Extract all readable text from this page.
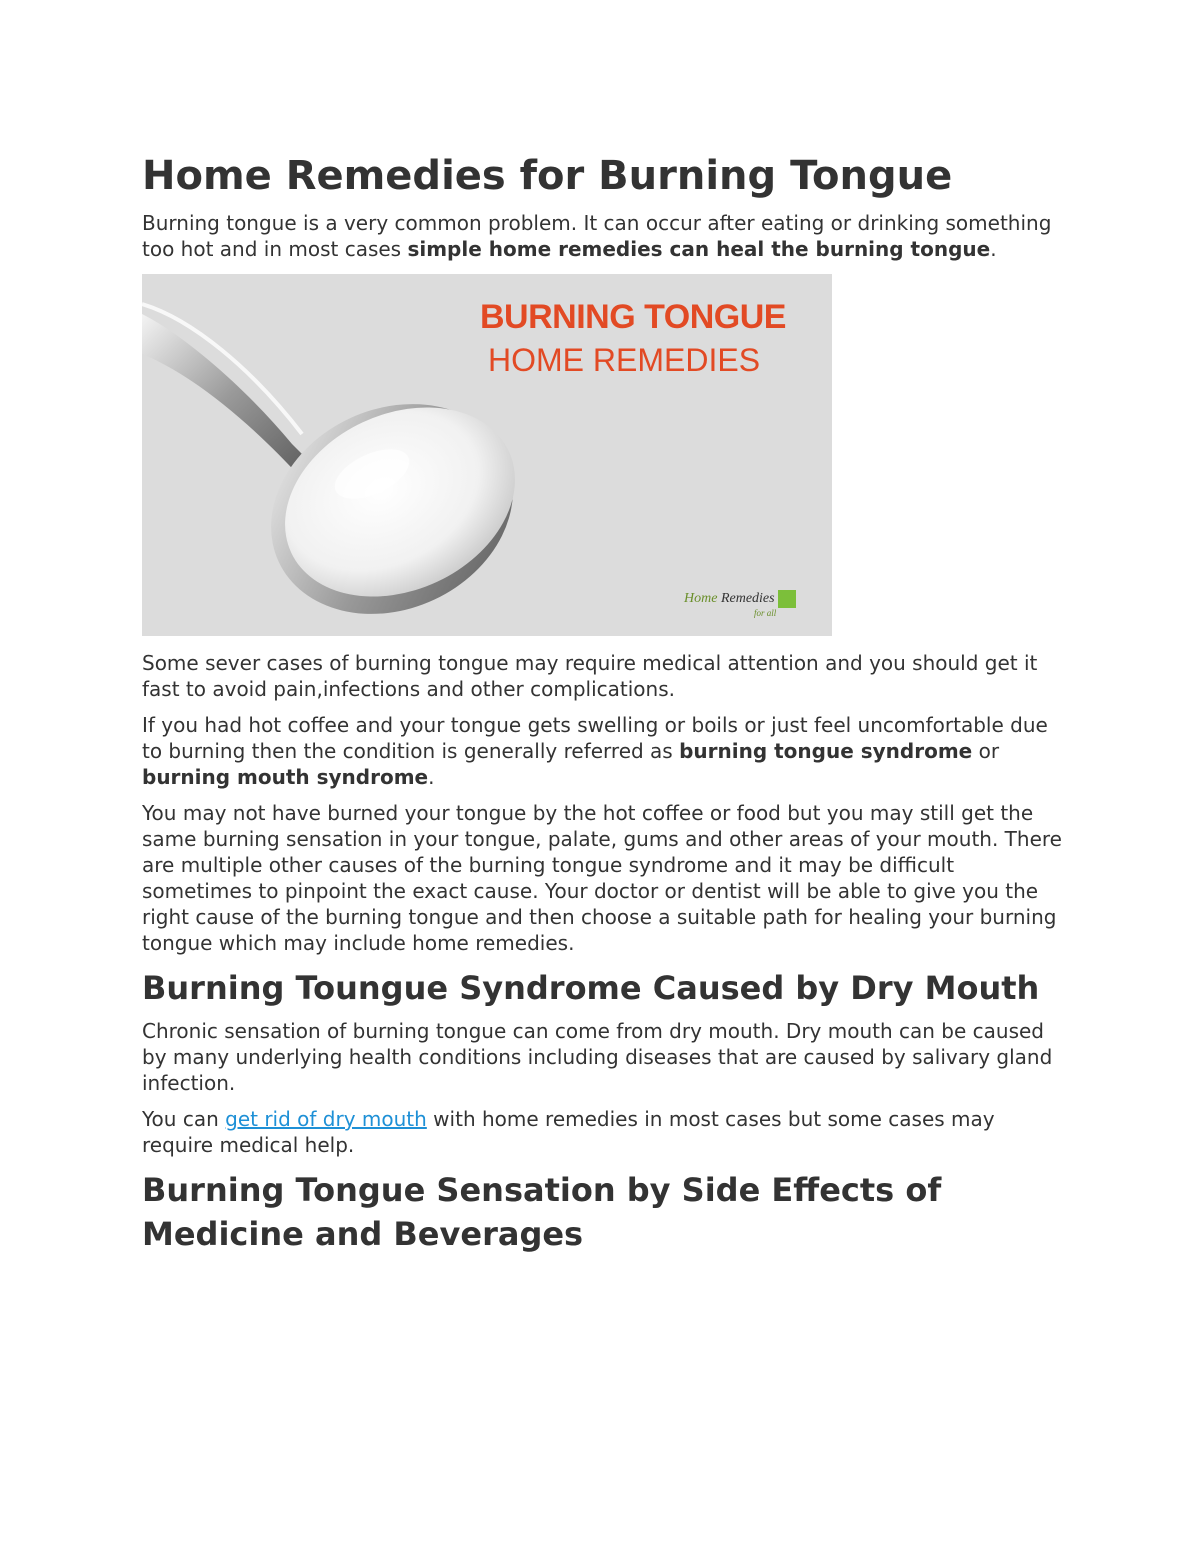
Home Remedies for Burning Tongue

Burning tongue is a very common problem. It can occur after eating or drinking something too hot and in most cases simple home remedies can heal the burning tongue.

BURNING TONGUE
HOME REMEDIES
Home Remedies
for all

Some sever cases of burning tongue may require medical attention and you should get it fast to avoid pain,infections and other complications.

If you had hot coffee and your tongue gets swelling or boils or just feel uncomfortable due to burning then the condition is generally referred as burning tongue syndrome or burning mouth syndrome.

You may not have burned your tongue by the hot coffee or food but you may still get the same burning sensation in your tongue, palate, gums and other areas of your mouth. There are multiple other causes of the burning tongue syndrome and it may be difficult sometimes to pinpoint the exact cause. Your doctor or dentist will be able to give you the right cause of the burning tongue and then choose a suitable path for healing your burning tongue which may include home remedies.

Burning Toungue Syndrome Caused by Dry Mouth

Chronic sensation of burning tongue can come from dry mouth. Dry mouth can be caused by many underlying health conditions including diseases that are caused by salivary gland infection.

You can get rid of dry mouth with home remedies in most cases but some cases may require medical help.

Burning Tongue Sensation by Side Effects of Medicine and Beverages
